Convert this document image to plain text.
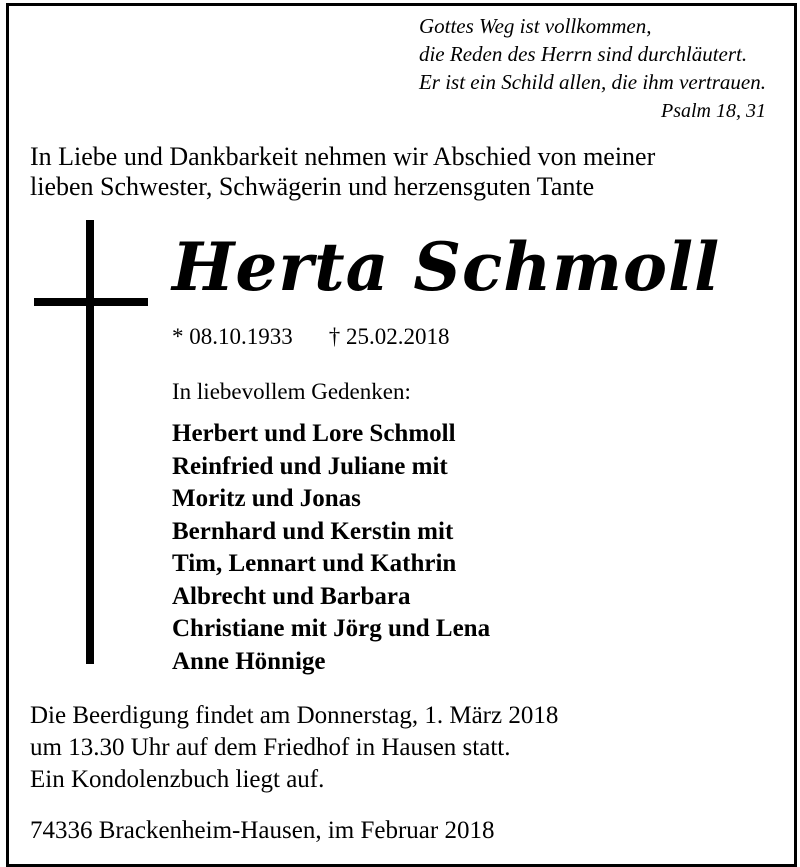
Gottes Weg ist vollkommen,
die Reden des Herrn sind durchläutert.
Er ist ein Schild allen, die ihm vertrauen.
Psalm 18, 31
In Liebe und Dankbarkeit nehmen wir Abschied von meiner
lieben Schwester, Schwägerin und herzensguten Tante
Herta Schmoll
* 08.10.1933 † 25.02.2018
In liebevollem Gedenken:
Herbert und Lore Schmoll
Reinfried und Juliane mit
Moritz und Jonas
Bernhard und Kerstin mit
Tim, Lennart und Kathrin
Albrecht und Barbara
Christiane mit Jörg und Lena
Anne Hönnige
Die Beerdigung findet am Donnerstag, 1. März 2018
um 13.30 Uhr auf dem Friedhof in Hausen statt.
Ein Kondolenzbuch liegt auf.
74336 Brackenheim-Hausen, im Februar 2018
